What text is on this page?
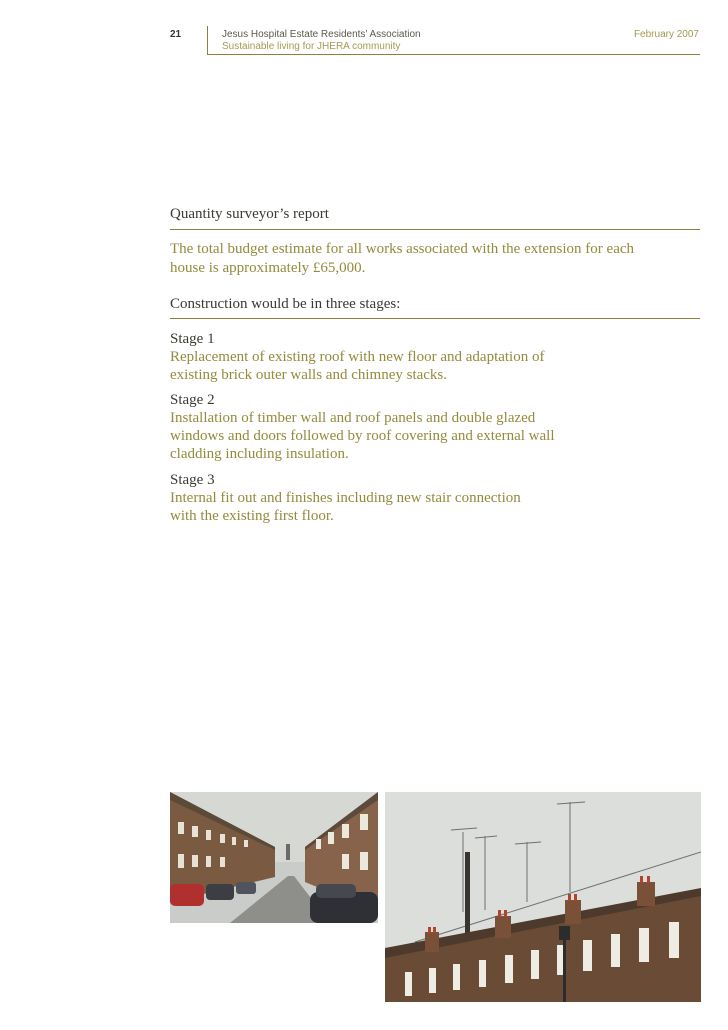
21	Jesus Hospital Estate Residents’ Association
Sustainable living for JHERA community
February 2007
Quantity surveyor’s report
The total budget estimate for all works associated with the extension for each
house is approximately £65,000.
Construction would be in three stages:
Stage 1
Replacement of existing roof with new floor and adaptation of
existing brick outer walls and chimney stacks.
Stage 2
Installation of timber wall and roof panels and double glazed
windows and doors followed by roof covering and external wall
cladding including insulation.
Stage 3
Internal fit out and finishes including new stair connection
with the existing first floor.
